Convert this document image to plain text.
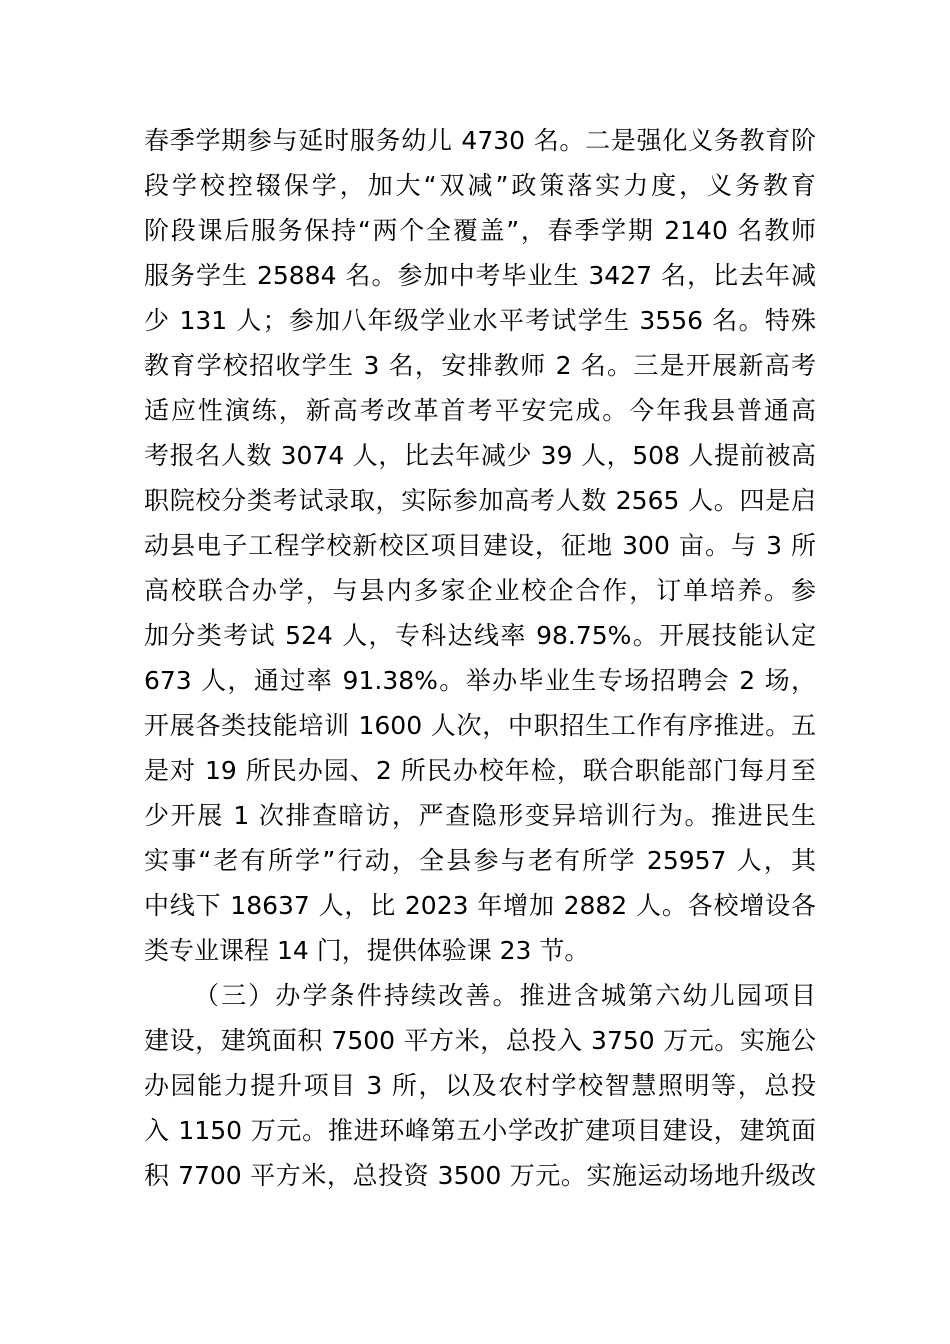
春季学期参与延时服务幼儿 4730 名。二是强化义务教育阶
段学校控辍保学，加大“双减”政策落实力度，义务教育
阶段课后服务保持“两个全覆盖”，春季学期 2140 名教师
服务学生 25884 名。参加中考毕业生 3427 名，比去年减
少 131 人；参加八年级学业水平考试学生 3556 名。特殊
教育学校招收学生 3 名，安排教师 2 名。三是开展新高考
适应性演练，新高考改革首考平安完成。今年我县普通高
考报名人数 3074 人，比去年减少 39 人，508 人提前被高
职院校分类考试录取，实际参加高考人数 2565 人。四是启
动县电子工程学校新校区项目建设，征地 300 亩。与 3 所
高校联合办学，与县内多家企业校企合作，订单培养。参
加分类考试 524 人，专科达线率 98.75%。开展技能认定
673 人，通过率 91.38%。举办毕业生专场招聘会 2 场，
开展各类技能培训 1600 人次，中职招生工作有序推进。五
是对 19 所民办园、2 所民办校年检，联合职能部门每月至
少开展 1 次排查暗访，严查隐形变异培训行为。推进民生
实事“老有所学”行动，全县参与老有所学 25957 人，其
中线下 18637 人，比 2023 年增加 2882 人。各校增设各
类专业课程 14 门，提供体验课 23 节。
（三）办学条件持续改善。推进含城第六幼儿园项目
建设，建筑面积 7500 平方米，总投入 3750 万元。实施公
办园能力提升项目 3 所，以及农村学校智慧照明等，总投
入 1150 万元。推进环峰第五小学改扩建项目建设，建筑面
积 7700 平方米，总投资 3500 万元。实施运动场地升级改
